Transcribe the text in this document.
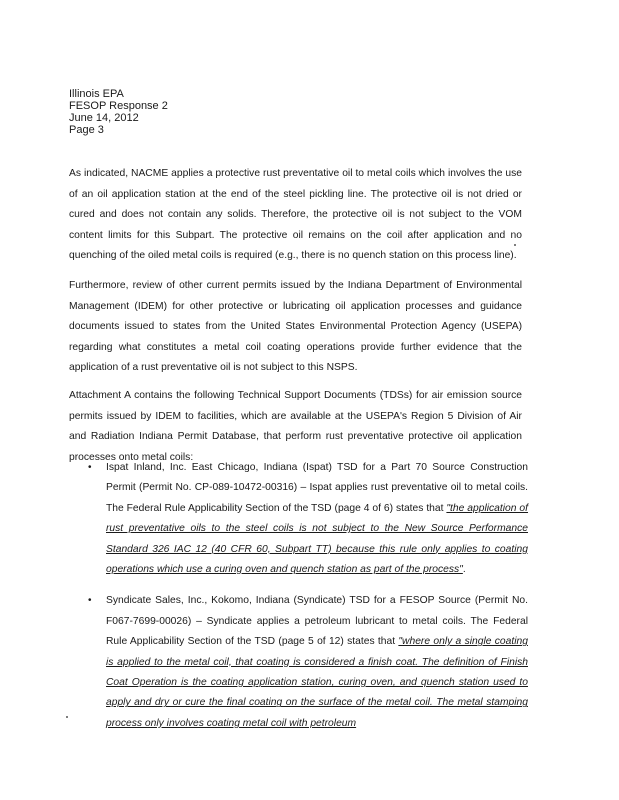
Illinois EPA
FESOP Response 2
June 14, 2012
Page 3

As indicated, NACME applies a protective rust preventative oil to metal coils which involves the use of an oil application station at the end of the steel pickling line. The protective oil is not dried or cured and does not contain any solids. Therefore, the protective oil is not subject to the VOM content limits for this Subpart. The protective oil remains on the coil after application and no quenching of the oiled metal coils is required (e.g., there is no quench station on this process line).

Furthermore, review of other current permits issued by the Indiana Department of Environmental Management (IDEM) for other protective or lubricating oil application processes and guidance documents issued to states from the United States Environmental Protection Agency (USEPA) regarding what constitutes a metal coil coating operations provide further evidence that the application of a rust preventative oil is not subject to this NSPS.

Attachment A contains the following Technical Support Documents (TDSs) for air emission source permits issued by IDEM to facilities, which are available at the USEPA's Region 5 Division of Air and Radiation Indiana Permit Database, that perform rust preventative protective oil application processes onto metal coils:

• Ispat Inland, Inc. East Chicago, Indiana (Ispat) TSD for a Part 70 Source Construction Permit (Permit No. CP-089-10472-00316) – Ispat applies rust preventative oil to metal coils. The Federal Rule Applicability Section of the TSD (page 4 of 6) states that "the application of rust preventative oils to the steel coils is not subject to the New Source Performance Standard 326 IAC 12 (40 CFR 60, Subpart TT) because this rule only applies to coating operations which use a curing oven and quench station as part of the process".
• Syndicate Sales, Inc., Kokomo, Indiana (Syndicate) TSD for a FESOP Source (Permit No. F067-7699-00026) – Syndicate applies a petroleum lubricant to metal coils. The Federal Rule Applicability Section of the TSD (page 5 of 12) states that "where only a single coating is applied to the metal coil, that coating is considered a finish coat. The definition of Finish Coat Operation is the coating application station, curing oven, and quench station used to apply and dry or cure the final coating on the surface of the metal coil. The metal stamping process only involves coating metal coil with petroleum
